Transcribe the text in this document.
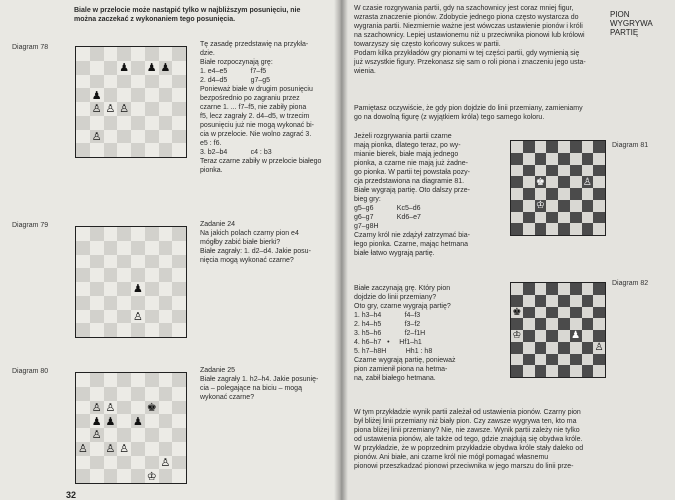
Biale w przelocie może nastąpić tylko w najbliższym posunięciu, nie
można zaczekać z wykonaniem tego posunięcia.
Diagram 78
♟ ♟ ♟
♟
♙ ♙ ♙
♙
Tę zasadę przedstawię na przykła-
dzie.
Białe rozpoczynają grę:
1. e4–e5            f7–f5
2. d4–d5            g7–g5
Ponieważ białe w drugim posunięciu
bezpośrednio po zagraniu przez
czarne 1. ... f7–f5, nie zabiły piona
f5, lecz zagrały 2. d4–d5, w trzecim
posunięciu już nie mogą wykonać bi-
cia w przelocie. Nie wolno zagrać 3.
e5 : f6.
3. b2–b4            c4 : b3
Teraz czarne zabiły w przelocie białego
pionka.
Diagram 79
♟
♙
Zadanie 24
Na jakich polach czarny pion e4
mógłby zabić białe bierki?
Białe zagrały: 1. d2–d4. Jakie posu-
nięcia mogą wykonać czarne?
Diagram 80
♙ ♙	♚
♟ ♟ ♟
♙
♙ ♙ ♙
♙
♔
Zadanie 25
Białe zagrały 1. h2–h4. Jakie posunię-
cia – polegające na biciu – mogą
wykonać czarne?
32
W czasie rozgrywania partii, gdy na szachownicy jest coraz mniej figur,
wzrasta znaczenie pionów. Zdobycie jednego piona często wystarcza do
wygrania partii. Niezmiernie ważne jest wówczas ustawienie pionów i króli
na szachownicy. Lepiej ustawionemu niż u przeciwnika pionowi lub królowi
towarzyszy się często końcowy sukces w partii.
Podam kilka przykładów gry pionami w tej części partii, gdy wymienią się
już wszystkie figury. Przekonasz się sam o roli piona i znaczeniu jego usta-
wienia.
PION
WYGRYWA
PARTIĘ
Pamiętasz oczywiście, że gdy pion dojdzie do linii przemiany, zamieniamy
go na dowolną figurę (z wyjątkiem króla) tego samego koloru.
Jeżeli rozgrywania partii czarne
mają pionka, dlatego teraz, po wy-
mianie bierek, białe mają jednego
pionka, a czarne nie mają już żadne-
go pionka. W partii tej powstała pozy-
cja przedstawiona na diagramie 81.
Białe wygrają partię. Oto dalszy prze-
bieg gry:
g5–g6            Kc5–d6
g6–g7            Kd6–e7
g7–g8H
Czarny król nie zdążył zatrzymać bia-
łego pionka. Czarne, mając hetmana
białe łatwo wygrają partię.
♚	♙
♔
Diagram 81
Białe zaczynają grę. Który pion
dojdzie do linii przemiany?
Oto gry, czarne wygrają partię?
1. h3–h4            f4–f3
2. h4–h5            f3–f2
3. h5–h6            f2–f1H
4. h6–h7   •     Hf1–h1
5. h7–h8H          Hh1 : h8
Czarne wygrają partię, ponieważ
pion zamienił piona na hetma-
na, zabił białego hetmana.
♚
♔	♟
♙
Diagram 82
W tym przykładzie wynik partii zależał od ustawienia pionów. Czarny pion
był bliżej linii przemiany niż biały pion. Czy zawsze wygrywa ten, kto ma
piona bliżej linii przemiany? Nie, nie zawsze. Wynik partii zależy nie tylko
od ustawienia pionów, ale także od tego, gdzie znajdują się obydwa króle.
W przykładzie, że w poprzednim przykładzie obydwa króle stały daleko od
pionów. Ani białe, ani czarne król nie mógł pomagać własnemu
pionowi przeszkadzać pionowi przeciwnika w jego marszu do linii prze-
